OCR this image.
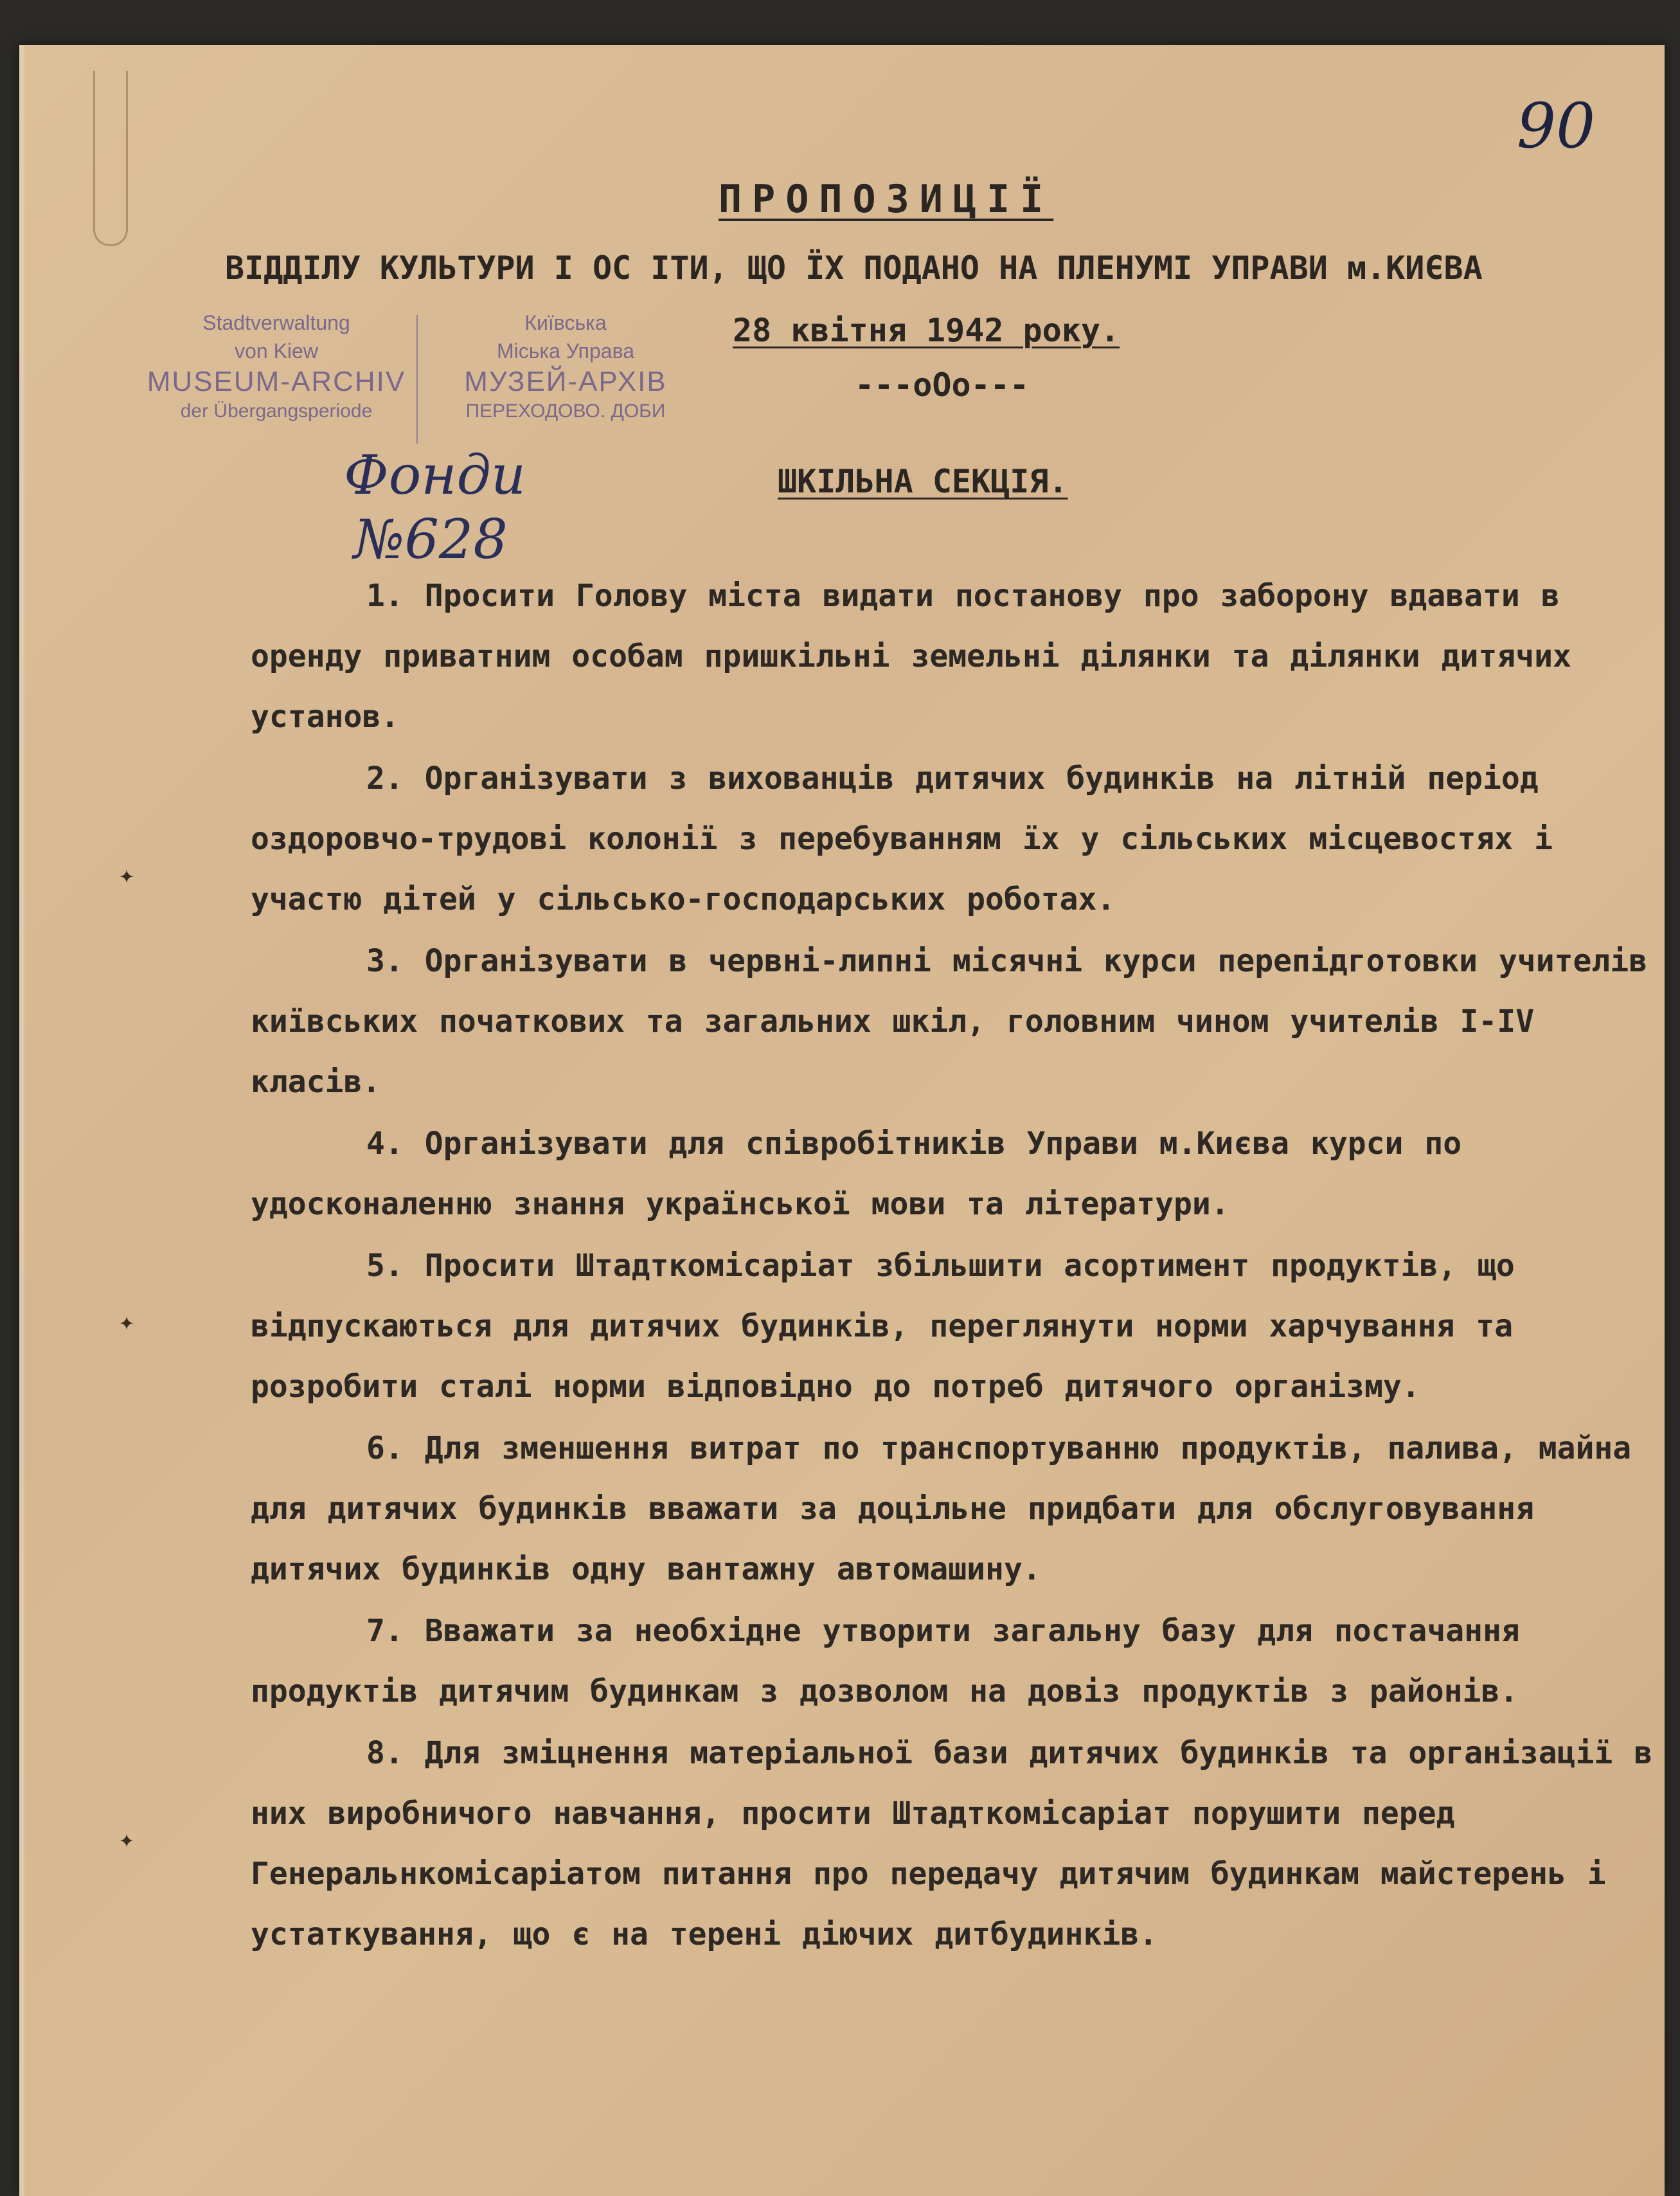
✦
✦
✦
90
ПРОПОЗИЦІЇ
ВІДДІЛУ КУЛЬТУРИ І ОС ІТИ, ЩО ЇХ ПОДАНО НА ПЛЕНУМІ УПРАВИ м.КИЄВА
28 квітня 1942 року.
---oOo---
Stadtverwaltung
von Kiew
MUSEUM-ARCHIV
der Übergangsperiode
Київська
Міська Управа
МУЗЕЙ-АРХІВ
ПЕРЕХОДОВО. ДОБИ
Фонди
№628
ШКІЛЬНА СЕКЦІЯ.

1. Просити Голову міста видати постанову про заборону вдавати в оренду приватним особам пришкільні земельні ділянки та ділянки дитячих установ.

2. Організувати з вихованців дитячих будинків на літній період оздоровчо-трудові колонії з перебуванням їх у сільських місцевостях і участю дітей у сільсько-господарських роботах.

3. Організувати в червні-липні місячні курси перепідготовки учителів київських початкових та загальних шкіл, головним чином учителів I-IV класів.

4. Організувати для співробітників Управи м.Києва курси по удосконаленню знання української мови та літератури.

5. Просити Штадткомісаріат збільшити асортимент продуктів, що відпускаються для дитячих будинків, переглянути норми харчування та розробити сталі норми відповідно до потреб дитячого організму.

6. Для зменшення витрат по транспортуванню продуктів, палива, майна для дитячих будинків вважати за доцільне придбати для обслуговування дитячих будинків одну вантажну автомашину.

7. Вважати за необхідне утворити загальну базу для постачання продуктів дитячим будинкам з дозволом на довіз продуктів з районів.

8. Для зміцнення матеріальної бази дитячих будинків та організації в них виробничого навчання, просити Штадткомісаріат порушити перед Генеральнкомісаріатом питання про передачу дитячим будинкам майстерень і устаткування, що є на терені діючих дитбудинків.
